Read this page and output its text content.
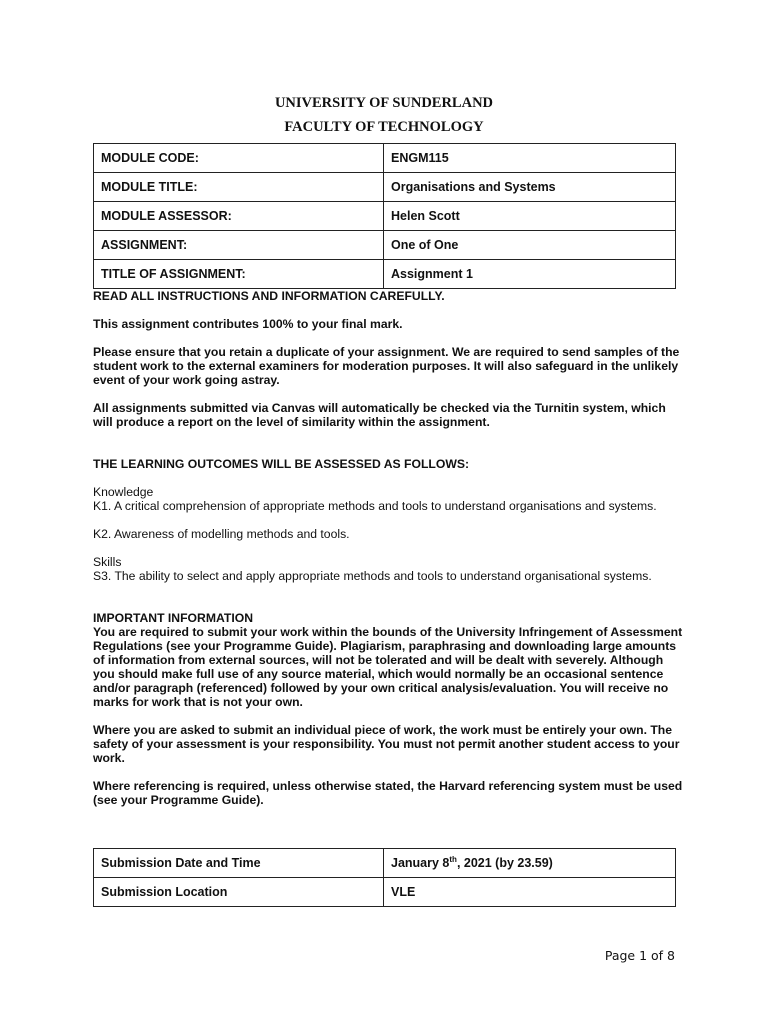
UNIVERSITY OF SUNDERLAND
FACULTY OF TECHNOLOGY
MODULE CODE:	ENGM115
MODULE TITLE:	Organisations and Systems
MODULE ASSESSOR:	Helen Scott
ASSIGNMENT:	One of One
TITLE OF ASSIGNMENT:	Assignment 1

READ ALL INSTRUCTIONS AND INFORMATION CAREFULLY.

This assignment contributes 100% to your final mark.

Please ensure that you retain a duplicate of your assignment. We are required to send samples of the student work to the external examiners for moderation purposes. It will also safeguard in the unlikely event of your work going astray.

All assignments submitted via Canvas will automatically be checked via the Turnitin system, which will produce a report on the level of similarity within the assignment.

THE LEARNING OUTCOMES WILL BE ASSESSED AS FOLLOWS:

Knowledge

K1. A critical comprehension of appropriate methods and tools to understand organisations and systems.

K2. Awareness of modelling methods and tools.

Skills

S3. The ability to select and apply appropriate methods and tools to understand organisational systems.

IMPORTANT INFORMATION

You are required to submit your work within the bounds of the University Infringement of Assessment Regulations (see your Programme Guide). Plagiarism, paraphrasing and downloading large amounts of information from external sources, will not be tolerated and will be dealt with severely. Although you should make full use of any source material, which would normally be an occasional sentence and/or paragraph (referenced) followed by your own critical analysis/evaluation. You will receive no marks for work that is not your own.

Where you are asked to submit an individual piece of work, the work must be entirely your own. The safety of your assessment is your responsibility. You must not permit another student access to your work.

Where referencing is required, unless otherwise stated, the Harvard referencing system must be used (see your Programme Guide).

Submission Date and Time	January 8th, 2021 (by 23.59)
Submission Location	VLE
Page 1 of 8
